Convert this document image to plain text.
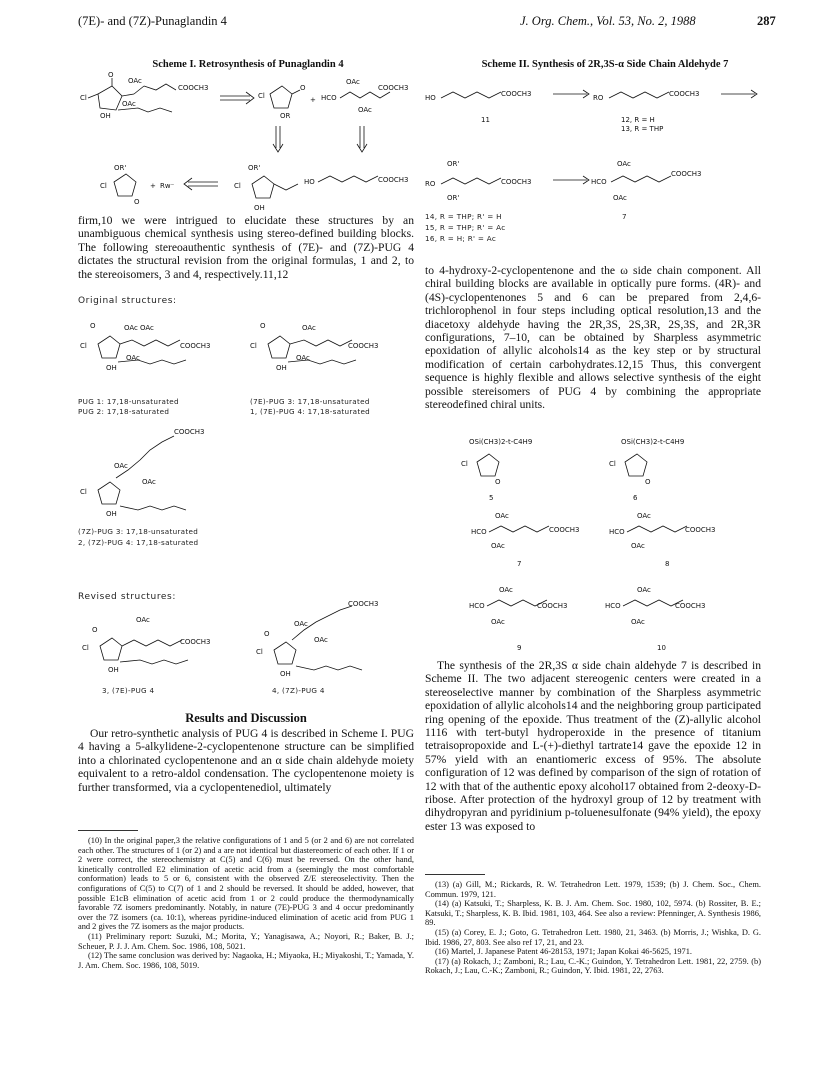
(7E)- and (7Z)-Punaglandin 4	J. Org. Chem., Vol. 53, No. 2, 1988	287
Scheme I. Retrosynthesis of Punaglandin 4
O
Cl
OH
OAc
COOCH3
OAc
Cl
O
OR
+ HCO
OAc
OAc
COOCH3
OR'
Cl
O
+ Rw⁻
OR'
Cl
OH
HO	COOCH3
Scheme II. Synthesis of 2R,3S-α Side Chain Aldehyde 7
HO	COOCH3
11
RO	COOCH3
12, R = H
13, R = THP
OR'
RO	COOCH3
OR'
OAc
HCO
COOCH3
OAc
14, R = THP; R' = H
15, R = THP; R' = Ac
16, R = H; R' = Ac
7

firm,10 we were intrigued to elucidate these structures by an unambiguous chemical synthesis using stereo-defined building blocks. The following stereoauthentic synthesis of (7E)- and (7Z)-PUG 4 dictates the structural revision from the original formulas, 1 and 2, to the stereoisomers, 3 and 4, respectively.11,12

Original structures:
Cl
O
OH
OAc OAc
COOCH3
OAc
Cl
O
OH
OAc
COOCH3
OAc
Cl
OH
OAc
OAc
COOCH3
PUG 1: 17,18-unsaturated
PUG 2: 17,18-saturated
(7E)-PUG 3: 17,18-unsaturated
1, (7E)-PUG 4: 17,18-saturated
(7Z)-PUG 3: 17,18-unsaturated
2, (7Z)-PUG 4: 17,18-saturated
Revised structures:
Cl
O
OH
OAc
COOCH3
Cl
O
OH
OAc
OAc
COOCH3
3, (7E)-PUG 4	4, (7Z)-PUG 4
Results and Discussion

Our retro-synthetic analysis of PUG 4 is described in Scheme I. PUG 4 having a 5-alkylidene-2-cyclopentenone structure can be simplified into a chlorinated cyclopentenone and an α side chain aldehyde moiety equivalent to a retro-aldol condensation. The cyclopentenone moiety is further transformed, via a cyclopentenediol, ultimately

(10) In the original paper,3 the relative configurations of 1 and 5 (or 2 and 6) are not correlated each other. The structures of 1 (or 2) and a are not identical but diastereomeric of each other. If 1 or 2 were correct, the stereochemistry at C(5) and C(6) must be reversed. On the other hand, kinetically controlled E2 elimination of acetic acid from a (seemingly the most comfortable conformation) leads to 5 or 6, consistent with the observed Z/E stereoselectivity. Then the configurations of C(5) to C(7) of 1 and 2 should be reversed. It should be added, however, that possible E1cB elimination of acetic acid from 1 or 2 could produce the thermodynamically favorable 7Z isomers predominantly. Notably, in nature (7E)-PUG 3 and 4 occur predominantly over the 7Z isomers (ca. 10:1), whereas pyridine-induced elimination of acetic acid from PUG 1 and 2 gives the 7Z isomers as the major products.
(11) Preliminary report: Suzuki, M.; Morita, Y.; Yanagisawa, A.; Noyori, R.; Baker, B. J.; Scheuer, P. J. J. Am. Chem. Soc. 1986, 108, 5021.
(12) The same conclusion was derived by: Nagaoka, H.; Miyaoka, H.; Miyakoshi, T.; Yamada, Y. J. Am. Chem. Soc. 1986, 108, 5019.

to 4-hydroxy-2-cyclopentenone and the ω side chain component. All chiral building blocks are available in optically pure forms. (4R)- and (4S)-cyclopentenones 5 and 6 can be prepared from 2,4,6-trichlorophenol in four steps including optical resolution,13 and the diacetoxy aldehyde having the 2R,3S, 2S,3R, 2S,3S, and 2R,3R configurations, 7–10, can be obtained by Sharpless asymmetric epoxidation of allylic alcohols14 as the key step or by structural modification of certain carbohydrates.12,15 Thus, this convergent sequence is highly flexible and allows selective synthesis of the eight possible stereisomers of PUG 4 by combining the appropriate stereodefined chiral units.

OSi(CH3)2-t-C4H9
Cl
O
5
OSi(CH3)2-t-C4H9
Cl
O
6
OAc
HCO	COOCH3
OAc
7
OAc
HCO	COOCH3
OAc
8
OAc
HCO	COOCH3
OAc
9
OAc
HCO	COOCH3
OAc
10

The synthesis of the 2R,3S α side chain aldehyde 7 is described in Scheme II. The two adjacent stereogenic centers were created in a stereoselective manner by combination of the Sharpless asymmetric epoxidation of allylic alcohols14 and the neighboring group participated ring opening of the epoxide. Thus treatment of the (Z)-allylic alcohol 1116 with tert-butyl hydroperoxide in the presence of titanium tetraisopropoxide and L-(+)-diethyl tartrate14 gave the epoxide 12 in 57% yield with an enantiomeric excess of 95%. The absolute configuration of 12 was defined by comparison of the sign of rotation of 12 with that of the authentic epoxy alcohol17 obtained from 2-deoxy-D-ribose. After protection of the hydroxyl group of 12 by treatment with dihydropyran and pyridinium p-toluenesulfonate (94% yield), the epoxy ester 13 was exposed to

(13) (a) Gill, M.; Rickards, R. W. Tetrahedron Lett. 1979, 1539; (b) J. Chem. Soc., Chem. Commun. 1979, 121.
(14) (a) Katsuki, T.; Sharpless, K. B. J. Am. Chem. Soc. 1980, 102, 5974. (b) Rossiter, B. E.; Katsuki, T.; Sharpless, K. B. Ibid. 1981, 103, 464. See also a review: Pfenninger, A. Synthesis 1986, 89.
(15) (a) Corey, E. J.; Goto, G. Tetrahedron Lett. 1980, 21, 3463. (b) Morris, J.; Wishka, D. G. Ibid. 1986, 27, 803. See also ref 17, 21, and 23.
(16) Martel, J. Japanese Patent 46-28153, 1971; Japan Kokai 46-5625, 1971.
(17) (a) Rokach, J.; Zamboni, R.; Lau, C.-K.; Guindon, Y. Tetrahedron Lett. 1981, 22, 2759. (b) Rokach, J.; Lau, C.-K.; Zamboni, R.; Guindon, Y. Ibid. 1981, 22, 2763.
